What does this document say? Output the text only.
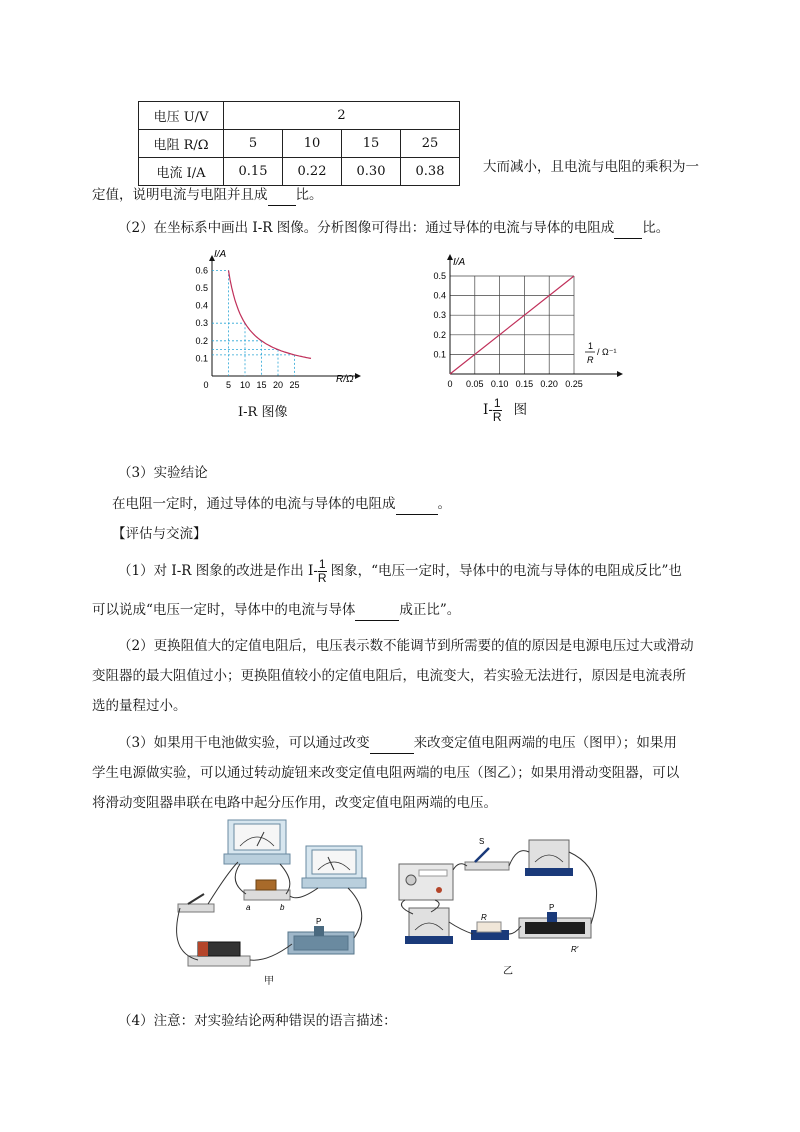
电压 U/V	2			
电阻 R/Ω	5	10	15	25
电流 I/A	0.15	0.22	0.30	0.38	大而减小，且电流与电阻的乘积为一
定值，说明电流与电阻并且成 比。
（2）在坐标系中画出 I-R 图像。分析图像可得出：通过导体的电流与导体的电阻成 比。
0.6
0.5
0.4
0.3
0.2
0.1
0 5 10 15 20 25
I/A
R/Ω
I-R 图像
0.5
0.4
0.3
0.2
0.1
0 0.05 0.10 0.15 0.20 0.25
I/A
1
R
/ Ω⁻¹
$I- \frac{1}{R}$ 图
（3）实验结论
在电阻一定时，通过导体的电流与导体的电阻成	。
【评估与交流】
（1）对 I-R 图象的改进是作出 $I- \frac{1}{R}$ 图象，“电压一定时，导体中的电流与导体的电阻成反比”也
可以说成“电压一定时，导体中的电流与导体	成正比”。
（2）更换阻值大的定值电阻后，电压表示数不能调节到所需要的值的原因是电源电压过大或滑动
变阻器的最大阻值过小；更换阻值较小的定值电阻后，电流变大，若实验无法进行，原因是电流表所
选的量程过小。
（3）如果用干电池做实验，可以通过改变	来改变定值电阻两端的电压（图甲）；如果用
学生电源做实验，可以通过转动旋钮来改变定值电阻两端的电压（图乙）；如果用滑动变阻器，可以
将滑动变阻器串联在电路中起分压作用，改变定值电阻两端的电压。
a	b
P
甲
S
R
P
R′
乙
（4）注意：对实验结论两种错误的语言描述：
